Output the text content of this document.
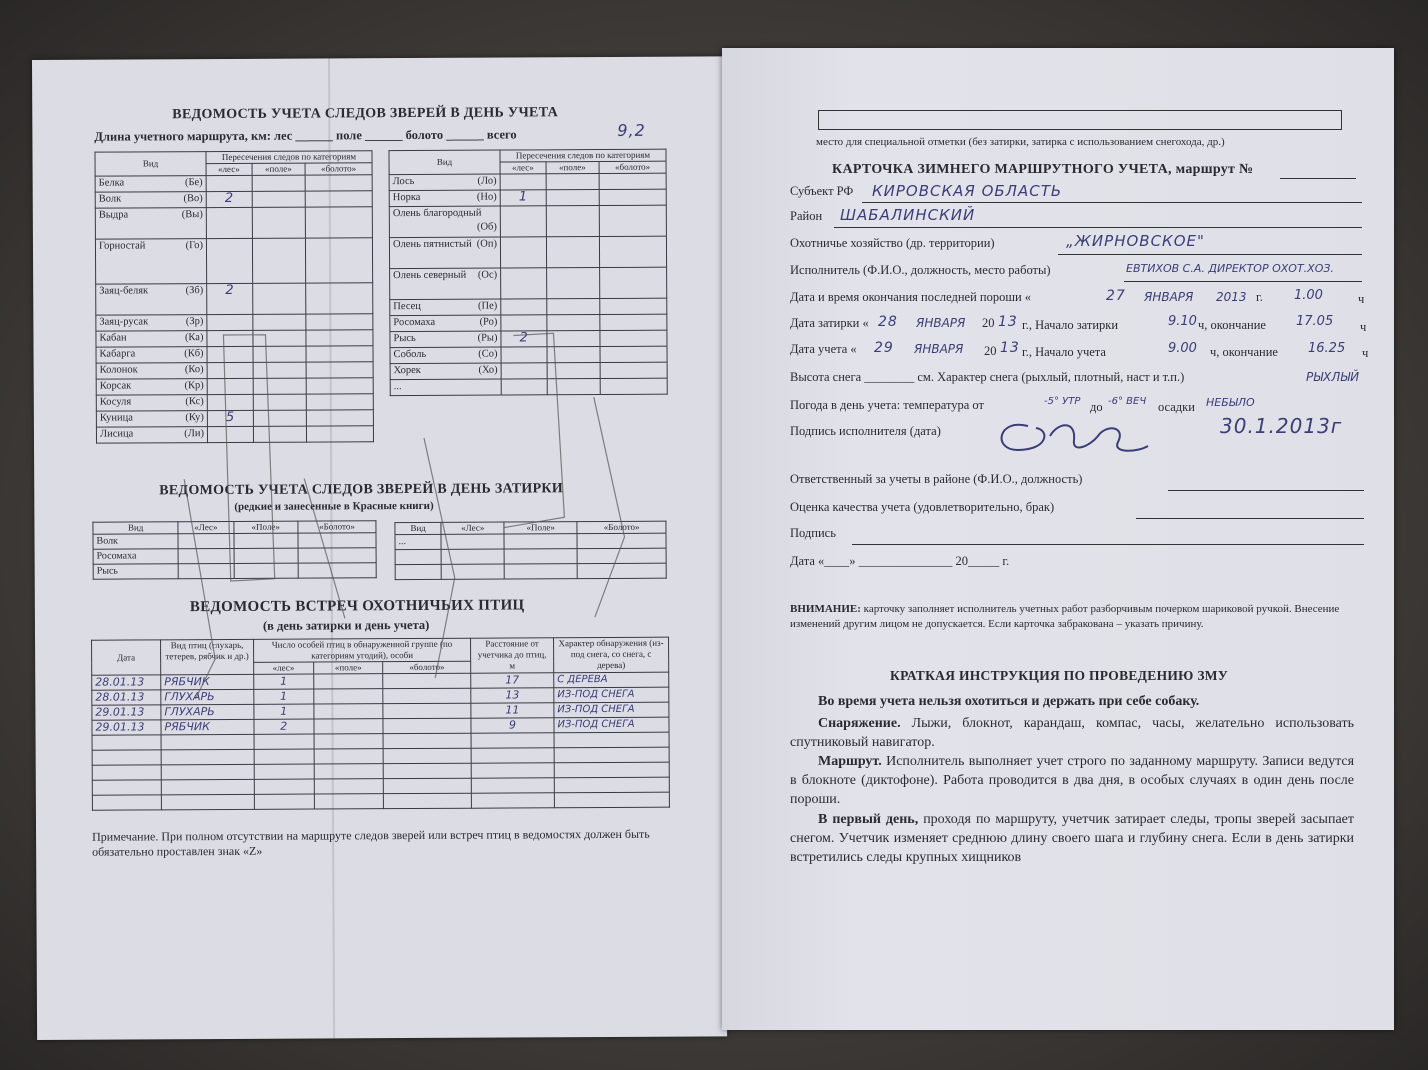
ВЕДОМОСТЬ УЧЕТА СЛЕДОВ ЗВЕРЕЙ В ДЕНЬ УЧЕТА
Длина учетного маршрута, км: лес ______ поле ______ болото ______ всего	9,2
Вид	Пересечения следов по категориям		
	«лес»	«поле»	«болото»
Белка (Бе)			

Волк (Во)	2		
Выдра (Вы)			

Горностай (Го)			

Заяц-беляк (Зб)	2		
Заяц-русак (Зр)			

Кабан (Ка)			

Кабарга (Кб)			

Колонок (Ко)			

Корсак (Кр)			

Косуля (Кс)			

Куница (Ку)	5		
Лисица (Ли)			

Вид	Пересечения следов по категориям		
	«лес»	«поле»	«болото»
Лось (Ло)			

Норка (Но)	1		
Олень благородный
(Об)			

Олень пятнистый (Оп)			

Олень северный (Ос)			

Песец (Пе)			

Росомаха (Ро)			

Рысь (Ры)	2		
Соболь (Со)			

Хорек (Хо)			

...

ВЕДОМОСТЬ УЧЕТА СЛЕДОВ ЗВЕРЕЙ В ДЕНЬ ЗАТИРКИ
(редкие и занесенные в Красные книги)
Вид	«Лес»	«Поле»	«Болото»
Волк			
Росомаха			
Рысь			
Вид	«Лес»	«Поле»	«Болото»
...			

ВЕДОМОСТЬ ВСТРЕЧ ОХОТНИЧЬИХ ПТИЦ
(в день затирки и день учета)
Дата	Вид птиц (глухарь, тетерев, рябчик и др.)	Число особей птиц в обнаруженной группе (по категориям угодий), особи			Расстояние от учетчика до птиц, м	Характер обнаружения (из-под снега, со снега, с дерева)
		«лес»	«поле»	«болото»		
28.01.13	РЯБЧИК	1			17	С ДЕРЕВА
28.01.13	ГЛУХАРЬ	1			13	ИЗ-ПОД СНЕГА
29.01.13	ГЛУХАРЬ	1			11	ИЗ-ПОД СНЕГА
29.01.13	РЯБЧИК	2			9	ИЗ-ПОД СНЕГА

Примечание. При полном отсутствии на маршруте следов зверей или встреч птиц в ведомостях должен быть обязательно проставлен знак «Z»
место для специальной отметки (без затирки, затирка с использованием снегохода, др.)
КАРТОЧКА ЗИМНЕГО МАРШРУТНОГО УЧЕТА, маршрут №
Субъект РФ КИРОВСКАЯ ОБЛАСТЬ
Район ШАБАЛИНСКИЙ
Охотничье хозяйство (др. территории)	„ЖИРНОВСКОЕ"
Исполнитель (Ф.И.О., должность, место работы)	ЕВТИХОВ С.А. ДИРЕКТОР ОХОТ.ХОЗ.
Дата и время окончания последней пороши «	27 ЯНВАРЯ 2013 г. 1.00	ч
Дата затирки « 28 ЯНВАРЯ 20 13 г., Начало затирки	9.10 ч, окончание 17.05 ч
Дата учета « 29 ЯНВАРЯ 20 13 г., Начало учета	9.00 ч, окончание 16.25 ч
Высота снега ________ см. Характер снега (рыхлый, плотный, наст и т.п.)	РЫХЛЫЙ
Погода в день учета: температура от	-5° УТР до -6° ВЕЧ осадки НЕБЫЛО
Подпись исполнителя (дата)	30.1.2013г
Ответственный за учеты в районе (Ф.И.О., должность)
Оценка качества учета (удовлетворительно, брак)
Подпись
Дата «____» _______________ 20_____ г.
ВНИМАНИЕ: карточку заполняет исполнитель учетных работ разборчивым почерком шариковой ручкой. Внесение изменений другим лицом не допускается. Если карточка забракована – указать причину.
КРАТКАЯ ИНСТРУКЦИЯ ПО ПРОВЕДЕНИЮ ЗМУ
Во время учета нельзя охотиться и держать при себе собаку.
Снаряжение. Лыжи, блокнот, карандаш, компас, часы, желательно использовать спутниковый навигатор.
Маршрут. Исполнитель выполняет учет строго по заданному маршруту. Записи ведутся в блокноте (диктофоне). Работа проводится в два дня, в особых случаях в один день после пороши.
В первый день, проходя по маршруту, учетчик затирает следы, тропы зверей засыпает снегом. Учетчик изменяет среднюю длину своего шага и глубину снега. Если в день затирки встретились следы крупных хищников
